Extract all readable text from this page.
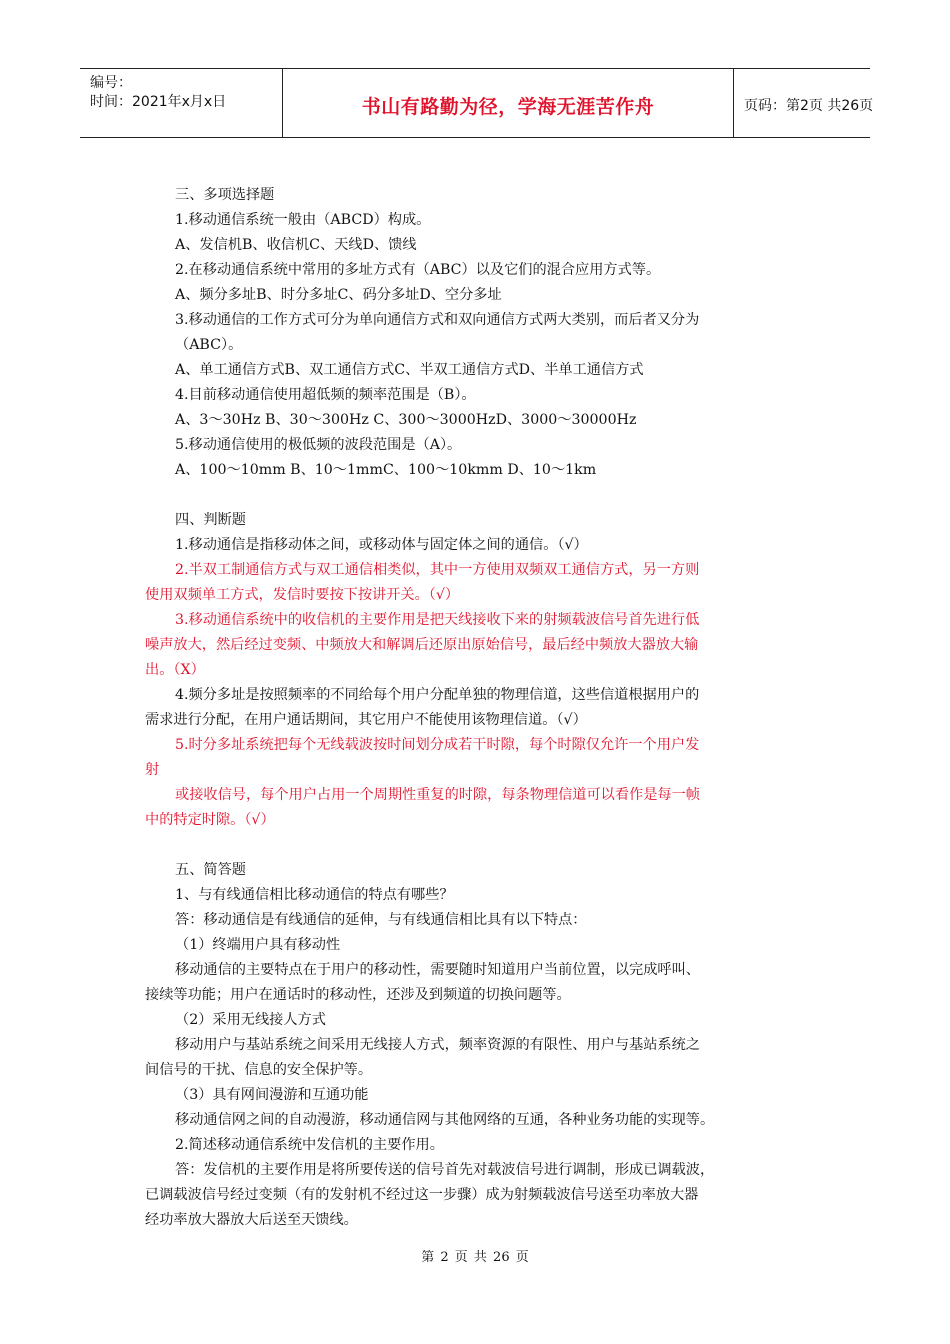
编号：
时间：2021年x月x日	书山有路勤为径，学海无涯苦作舟	页码：第2页 共26页

三、多项选择题

1.移动通信系统一般由（ABCD）构成。

A、发信机B、收信机C、天线D、馈线

2.在移动通信系统中常用的多址方式有（ABC）以及它们的混合应用方式等。

A、频分多址B、时分多址C、码分多址D、空分多址

3.移动通信的工作方式可分为单向通信方式和双向通信方式两大类别，而后者又分为

（ABC）。

A、单工通信方式B、双工通信方式C、半双工通信方式D、半单工通信方式

4.目前移动通信使用超低频的频率范围是（B）。

A、3～30Hz B、30～300Hz C、300～3000HzD、3000～30000Hz

5.移动通信使用的极低频的波段范围是（A）。

A、100～10mm B、10～1mmC、100～10kmm D、10～1km

四、判断题

1.移动通信是指移动体之间，或移动体与固定体之间的通信。（√）

2.半双工制通信方式与双工通信相类似，其中一方使用双频双工通信方式，另一方则

使用双频单工方式，发信时要按下按讲开关。（√）

3.移动通信系统中的收信机的主要作用是把天线接收下来的射频载波信号首先进行低

噪声放大，然后经过变频、中频放大和解调后还原出原始信号，最后经中频放大器放大输

出。（X）

4.频分多址是按照频率的不同给每个用户分配单独的物理信道，这些信道根据用户的

需求进行分配，在用户通话期间，其它用户不能使用该物理信道。（√）

5.时分多址系统把每个无线载波按时间划分成若干时隙，每个时隙仅允许一个用户发

射

或接收信号，每个用户占用一个周期性重复的时隙，每条物理信道可以看作是每一帧

中的特定时隙。（√）

五、简答题

1、与有线通信相比移动通信的特点有哪些？

答：移动通信是有线通信的延伸，与有线通信相比具有以下特点：

（1）终端用户具有移动性

移动通信的主要特点在于用户的移动性，需要随时知道用户当前位置，以完成呼叫、

接续等功能；用户在通话时的移动性，还涉及到频道的切换问题等。

（2）采用无线接人方式

移动用户与基站系统之间采用无线接人方式，频率资源的有限性、用户与基站系统之

间信号的干扰、信息的安全保护等。

（3）具有网间漫游和互通功能

移动通信网之间的自动漫游，移动通信网与其他网络的互通，各种业务功能的实现等。

2.简述移动通信系统中发信机的主要作用。

答：发信机的主要作用是将所要传送的信号首先对载波信号进行调制，形成已调载波，

已调载波信号经过变频（有的发射机不经过这一步骤）成为射频载波信号送至功率放大器

经功率放大器放大后送至天馈线。

第 2 页 共 26 页
